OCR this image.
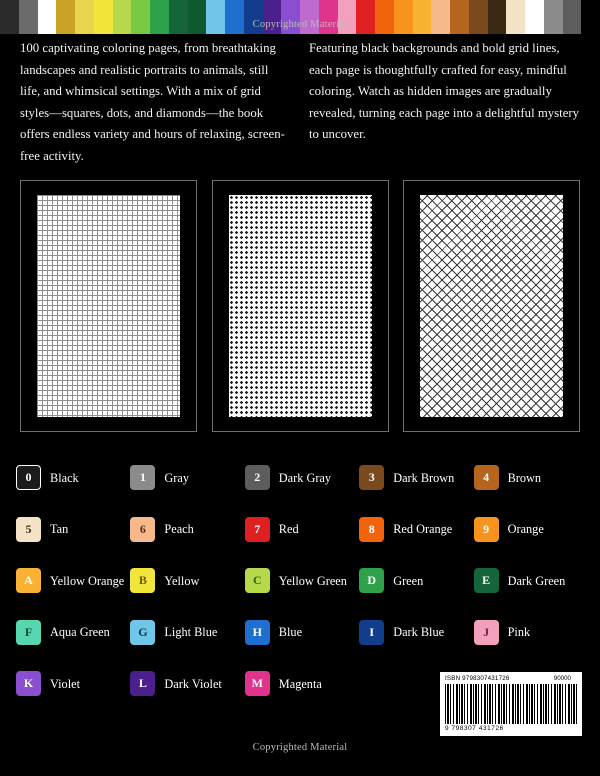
Copyrighted Material
Copyrighted Material

100 captivating coloring pages, from breathtaking landscapes and realistic portraits to animals, still life, and whimsical settings. With a mix of grid styles—squares, dots, and diamonds—the book offers endless variety and hours of relaxing, screen-free activity.

Featuring black backgrounds and bold grid lines, each page is thoughtfully crafted for easy, mindful coloring. Watch as hidden images are gradually revealed, turning each page into a delightful mystery to uncover.

0	Black	1	Gray	2	Dark Gray	3	Dark Brown	4	Brown
5	Tan	6	Peach	7	Red	8	Red Orange	9	Orange
A	Yellow Orange	B	Yellow	C	Yellow Green	D	Green	E	Dark Green
F	Aqua Green	G	Light Blue	H	Blue	I	Dark Blue	J	Pink
K	Violet	L	Dark Violet	M	Magenta	ISBN 9798307431726	90000
9 798307 431726
